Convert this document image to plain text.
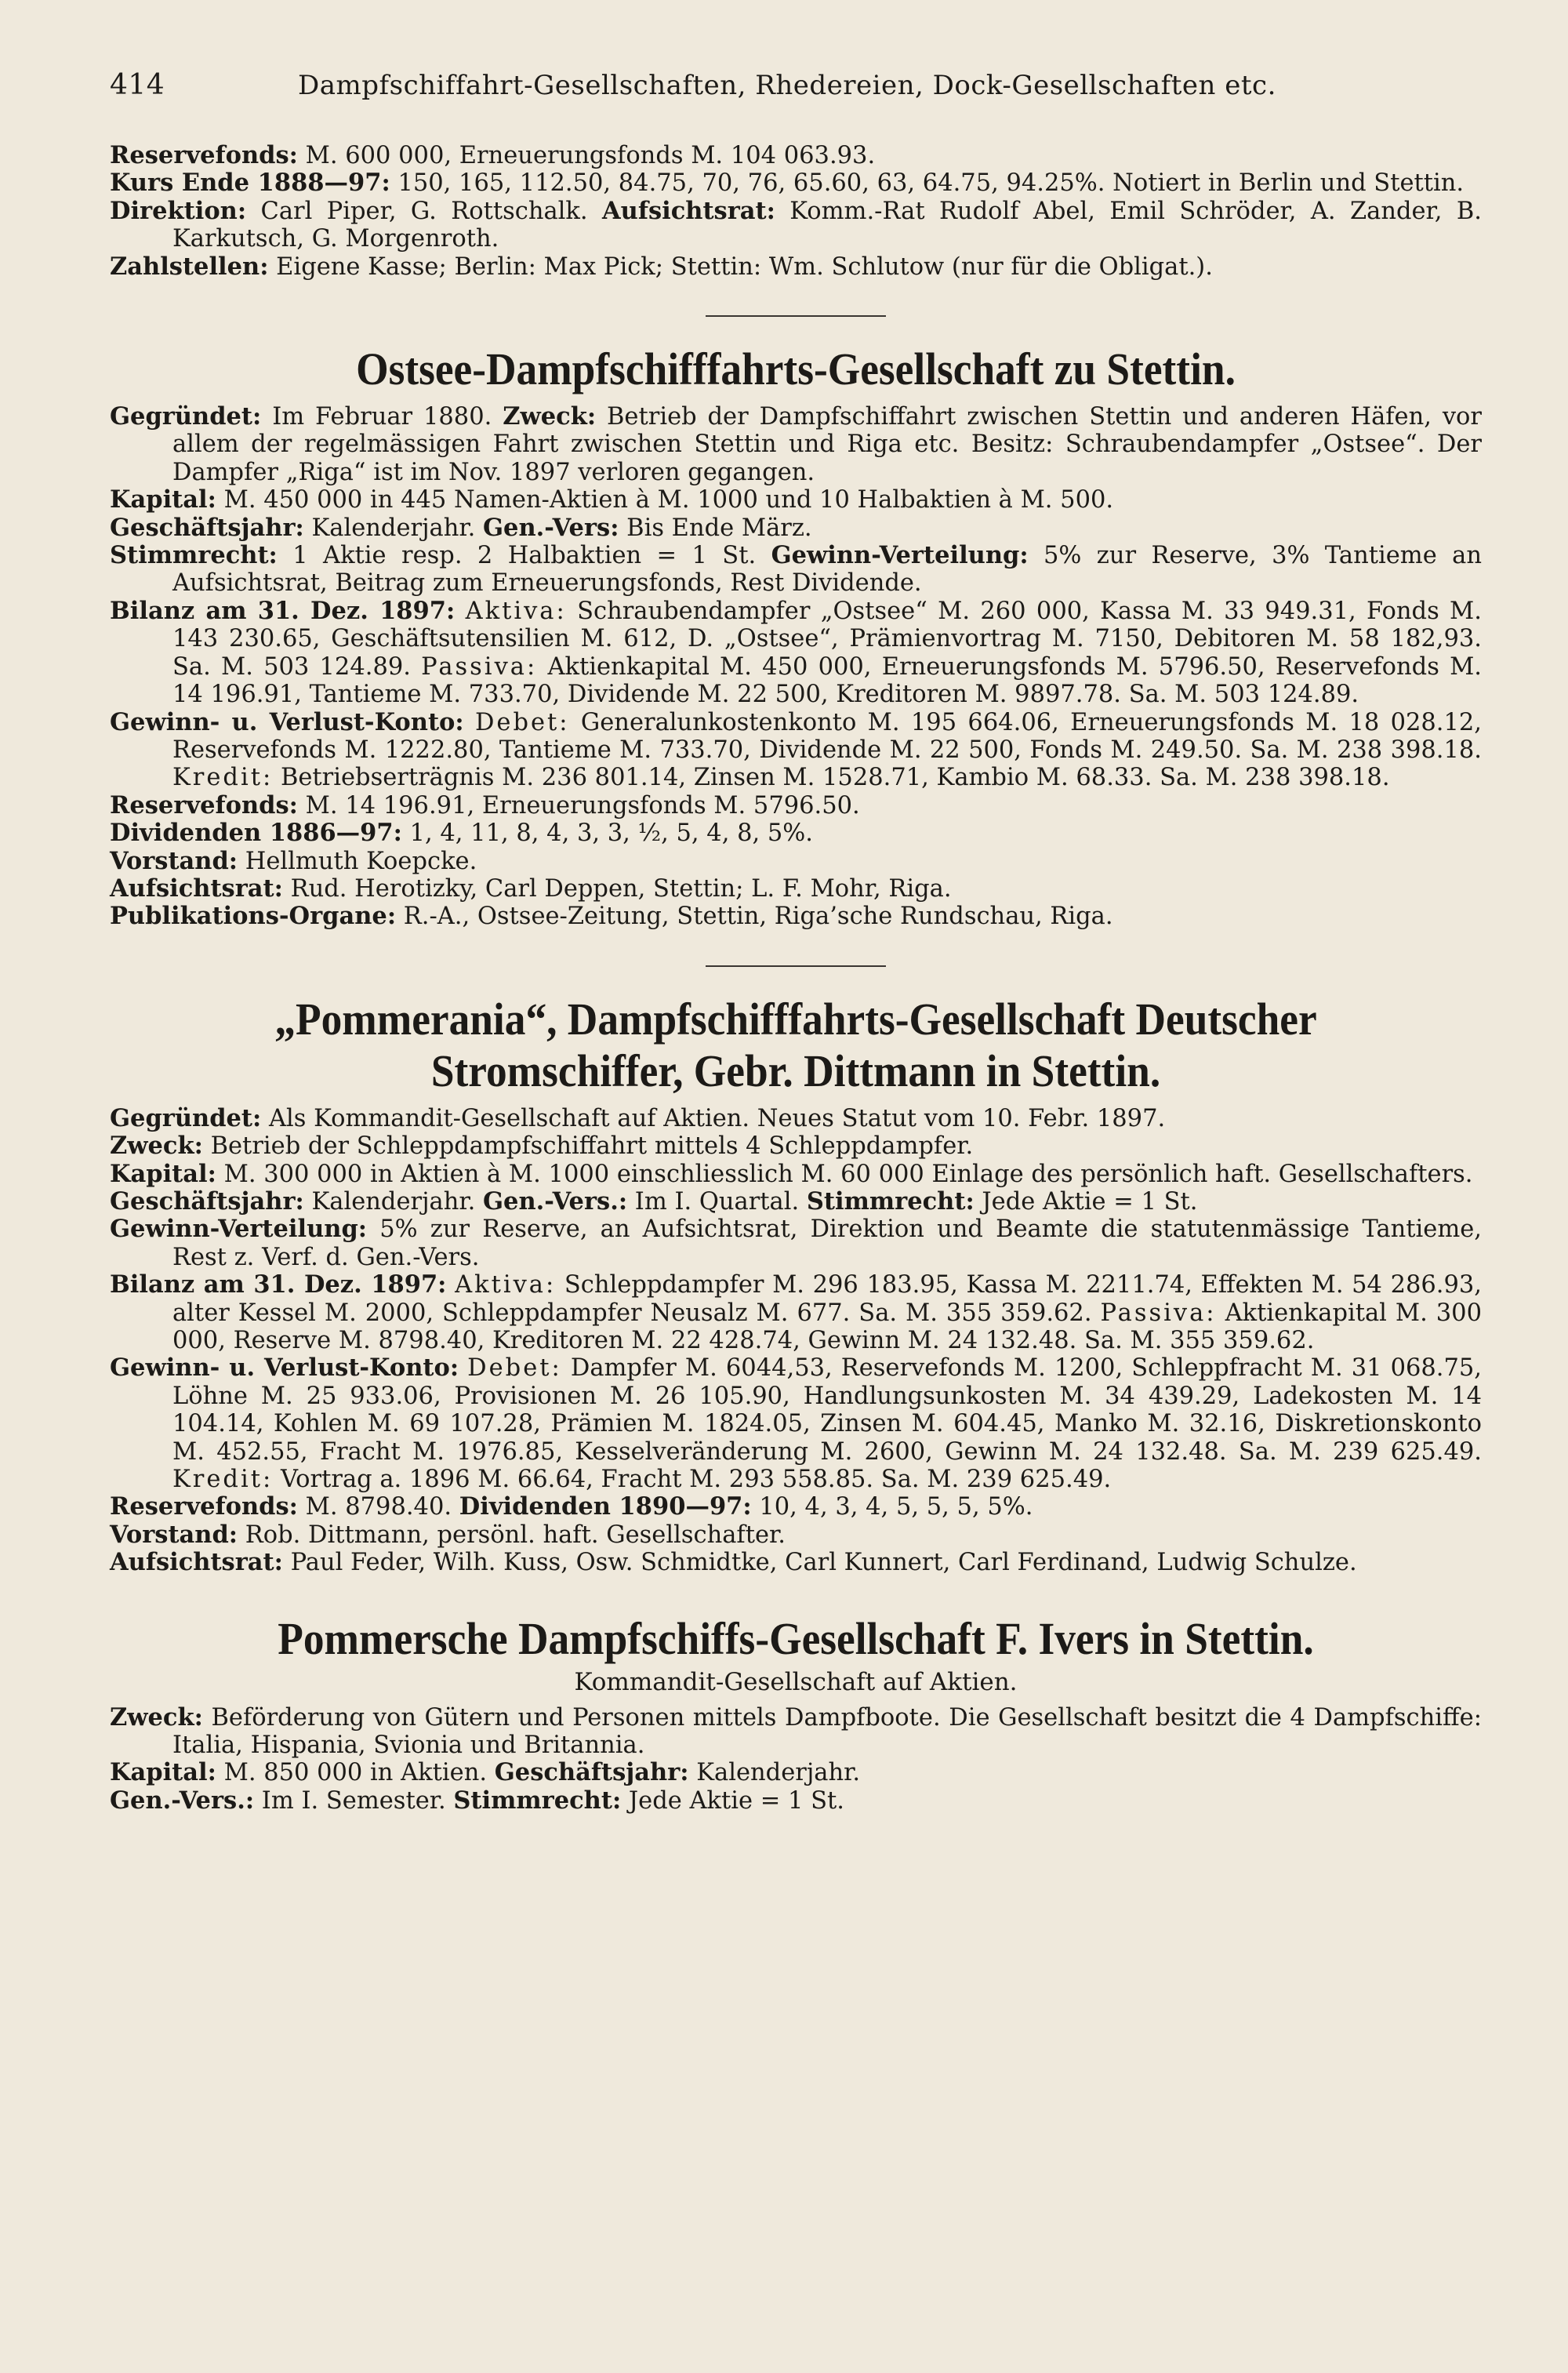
414	Dampfschiffahrt-Gesellschaften, Rhedereien, Dock-Gesellschaften etc.

Reservefonds: M. 600 000, Erneuerungsfonds M. 104 063.93.

Kurs Ende 1888—97: 150, 165, 112.50, 84.75, 70, 76, 65.60, 63, 64.75, 94.25%. Notiert in Berlin und Stettin.

Direktion: Carl Piper, G. Rottschalk. Aufsichtsrat: Komm.-Rat Rudolf Abel, Emil Schröder, A. Zander, B. Karkutsch, G. Morgenroth.

Zahlstellen: Eigene Kasse; Berlin: Max Pick; Stettin: Wm. Schlutow (nur für die Obligat.).

Ostsee-Dampfschifffahrts-Gesellschaft zu Stettin.

Gegründet: Im Februar 1880. Zweck: Betrieb der Dampfschiffahrt zwischen Stettin und anderen Häfen, vor allem der regelmässigen Fahrt zwischen Stettin und Riga etc. Besitz: Schraubendampfer „Ostsee“. Der Dampfer „Riga“ ist im Nov. 1897 verloren gegangen.

Kapital: M. 450 000 in 445 Namen-Aktien à M. 1000 und 10 Halbaktien à M. 500.

Geschäftsjahr: Kalenderjahr. Gen.-Vers: Bis Ende März.

Stimmrecht: 1 Aktie resp. 2 Halbaktien = 1 St. Gewinn-Verteilung: 5% zur Reserve, 3% Tantieme an Aufsichtsrat, Beitrag zum Erneuerungsfonds, Rest Dividende.

Bilanz am 31. Dez. 1897: Aktiva: Schraubendampfer „Ostsee“ M. 260 000, Kassa M. 33 949.31, Fonds M. 143 230.65, Geschäftsutensilien M. 612, D. „Ostsee“, Prämienvortrag M. 7150, Debitoren M. 58 182,93. Sa. M. 503 124.89. Passiva: Aktienkapital M. 450 000, Erneuerungsfonds M. 5796.50, Reservefonds M. 14 196.91, Tantieme M. 733.70, Dividende M. 22 500, Kreditoren M. 9897.78. Sa. M. 503 124.89.

Gewinn- u. Verlust-Konto: Debet: Generalunkostenkonto M. 195 664.06, Erneuerungsfonds M. 18 028.12, Reservefonds M. 1222.80, Tantieme M. 733.70, Dividende M. 22 500, Fonds M. 249.50. Sa. M. 238 398.18. Kredit: Betriebserträgnis M. 236 801.14, Zinsen M. 1528.71, Kambio M. 68.33. Sa. M. 238 398.18.

Reservefonds: M. 14 196.91, Erneuerungsfonds M. 5796.50.

Dividenden 1886—97: 1, 4, 11, 8, 4, 3, 3, ½, 5, 4, 8, 5%.

Vorstand: Hellmuth Koepcke.

Aufsichtsrat: Rud. Herotizky, Carl Deppen, Stettin; L. F. Mohr, Riga.

Publikations-Organe: R.-A., Ostsee-Zeitung, Stettin, Riga’sche Rundschau, Riga.

„Pommerania“, Dampfschifffahrts-Gesellschaft Deutscher
Stromschiffer, Gebr. Dittmann in Stettin.

Gegründet: Als Kommandit-Gesellschaft auf Aktien. Neues Statut vom 10. Febr. 1897.

Zweck: Betrieb der Schleppdampfschiffahrt mittels 4 Schleppdampfer.

Kapital: M. 300 000 in Aktien à M. 1000 einschliesslich M. 60 000 Einlage des persönlich haft. Gesellschafters.

Geschäftsjahr: Kalenderjahr. Gen.-Vers.: Im I. Quartal. Stimmrecht: Jede Aktie = 1 St.

Gewinn-Verteilung: 5% zur Reserve, an Aufsichtsrat, Direktion und Beamte die statutenmässige Tantieme, Rest z. Verf. d. Gen.-Vers.

Bilanz am 31. Dez. 1897: Aktiva: Schleppdampfer M. 296 183.95, Kassa M. 2211.74, Effekten M. 54 286.93, alter Kessel M. 2000, Schleppdampfer Neusalz M. 677. Sa. M. 355 359.62. Passiva: Aktienkapital M. 300 000, Reserve M. 8798.40, Kreditoren M. 22 428.74, Gewinn M. 24 132.48. Sa. M. 355 359.62.

Gewinn- u. Verlust-Konto: Debet: Dampfer M. 6044,53, Reservefonds M. 1200, Schleppfracht M. 31 068.75, Löhne M. 25 933.06, Provisionen M. 26 105.90, Handlungsunkosten M. 34 439.29, Ladekosten M. 14 104.14, Kohlen M. 69 107.28, Prämien M. 1824.05, Zinsen M. 604.45, Manko M. 32.16, Diskretionskonto M. 452.55, Fracht M. 1976.85, Kesselveränderung M. 2600, Gewinn M. 24 132.48. Sa. M. 239 625.49. Kredit: Vortrag a. 1896 M. 66.64, Fracht M. 293 558.85. Sa. M. 239 625.49.

Reservefonds: M. 8798.40. Dividenden 1890—97: 10, 4, 3, 4, 5, 5, 5, 5%.

Vorstand: Rob. Dittmann, persönl. haft. Gesellschafter.

Aufsichtsrat: Paul Feder, Wilh. Kuss, Osw. Schmidtke, Carl Kunnert, Carl Ferdinand, Ludwig Schulze.

Pommersche Dampfschiffs-Gesellschaft F. Ivers in Stettin.
Kommandit-Gesellschaft auf Aktien.

Zweck: Beförderung von Gütern und Personen mittels Dampfboote. Die Gesellschaft besitzt die 4 Dampfschiffe: Italia, Hispania, Svionia und Britannia.

Kapital: M. 850 000 in Aktien. Geschäftsjahr: Kalenderjahr.

Gen.-Vers.: Im I. Semester. Stimmrecht: Jede Aktie = 1 St.
